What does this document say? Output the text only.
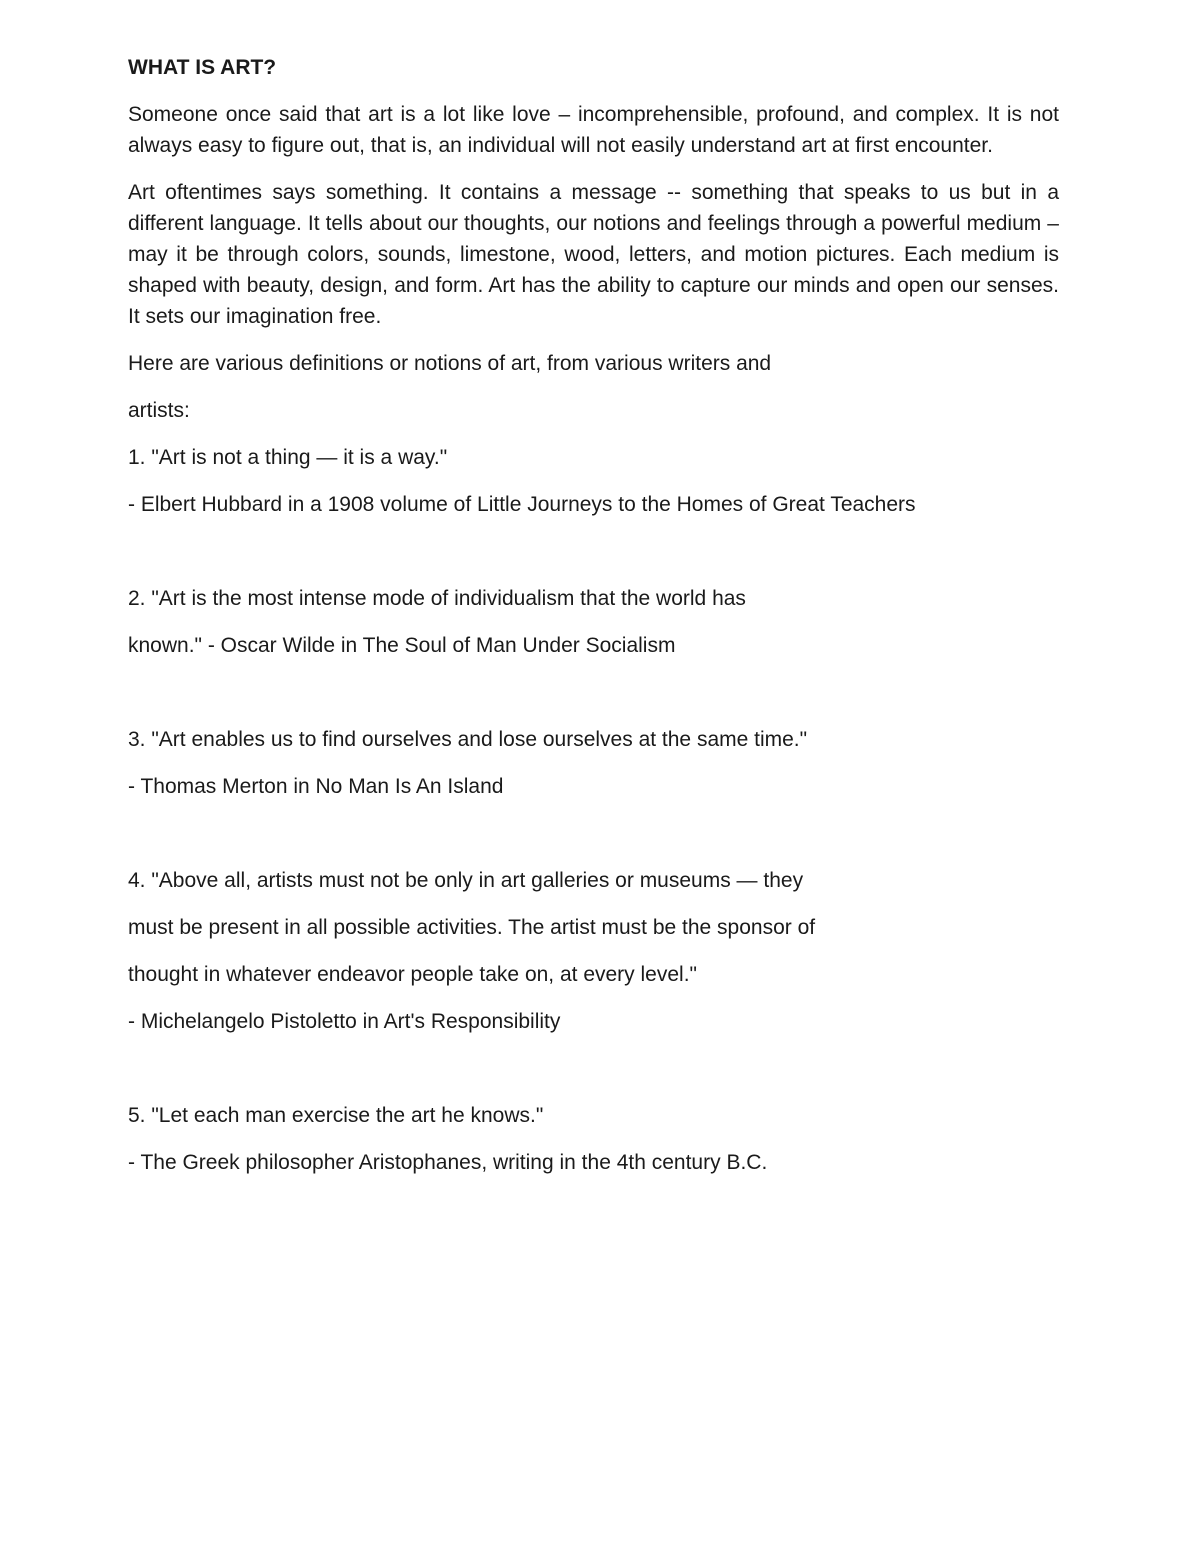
WHAT IS ART?

Someone once said that art is a lot like love – incomprehensible, profound, and complex. It is not always easy to figure out, that is, an individual will not easily understand art at first encounter.

Art oftentimes says something. It contains a message -- something that speaks to us but in a different language. It tells about our thoughts, our notions and feelings through a powerful medium – may it be through colors, sounds, limestone, wood, letters, and motion pictures. Each medium is shaped with beauty, design, and form. Art has the ability to capture our minds and open our senses. It sets our imagination free.

Here are various definitions or notions of art, from various writers and
artists:
1. "Art is not a thing — it is a way."
- Elbert Hubbard in a 1908 volume of Little Journeys to the Homes of Great Teachers
2. "Art is the most intense mode of individualism that the world has
known." - Oscar Wilde in The Soul of Man Under Socialism
3. "Art enables us to find ourselves and lose ourselves at the same time."
- Thomas Merton in No Man Is An Island
4. "Above all, artists must not be only in art galleries or museums — they
must be present in all possible activities. The artist must be the sponsor of
thought in whatever endeavor people take on, at every level."
- Michelangelo Pistoletto in Art's Responsibility
5. "Let each man exercise the art he knows."
- The Greek philosopher Aristophanes, writing in the 4th century B.C.
